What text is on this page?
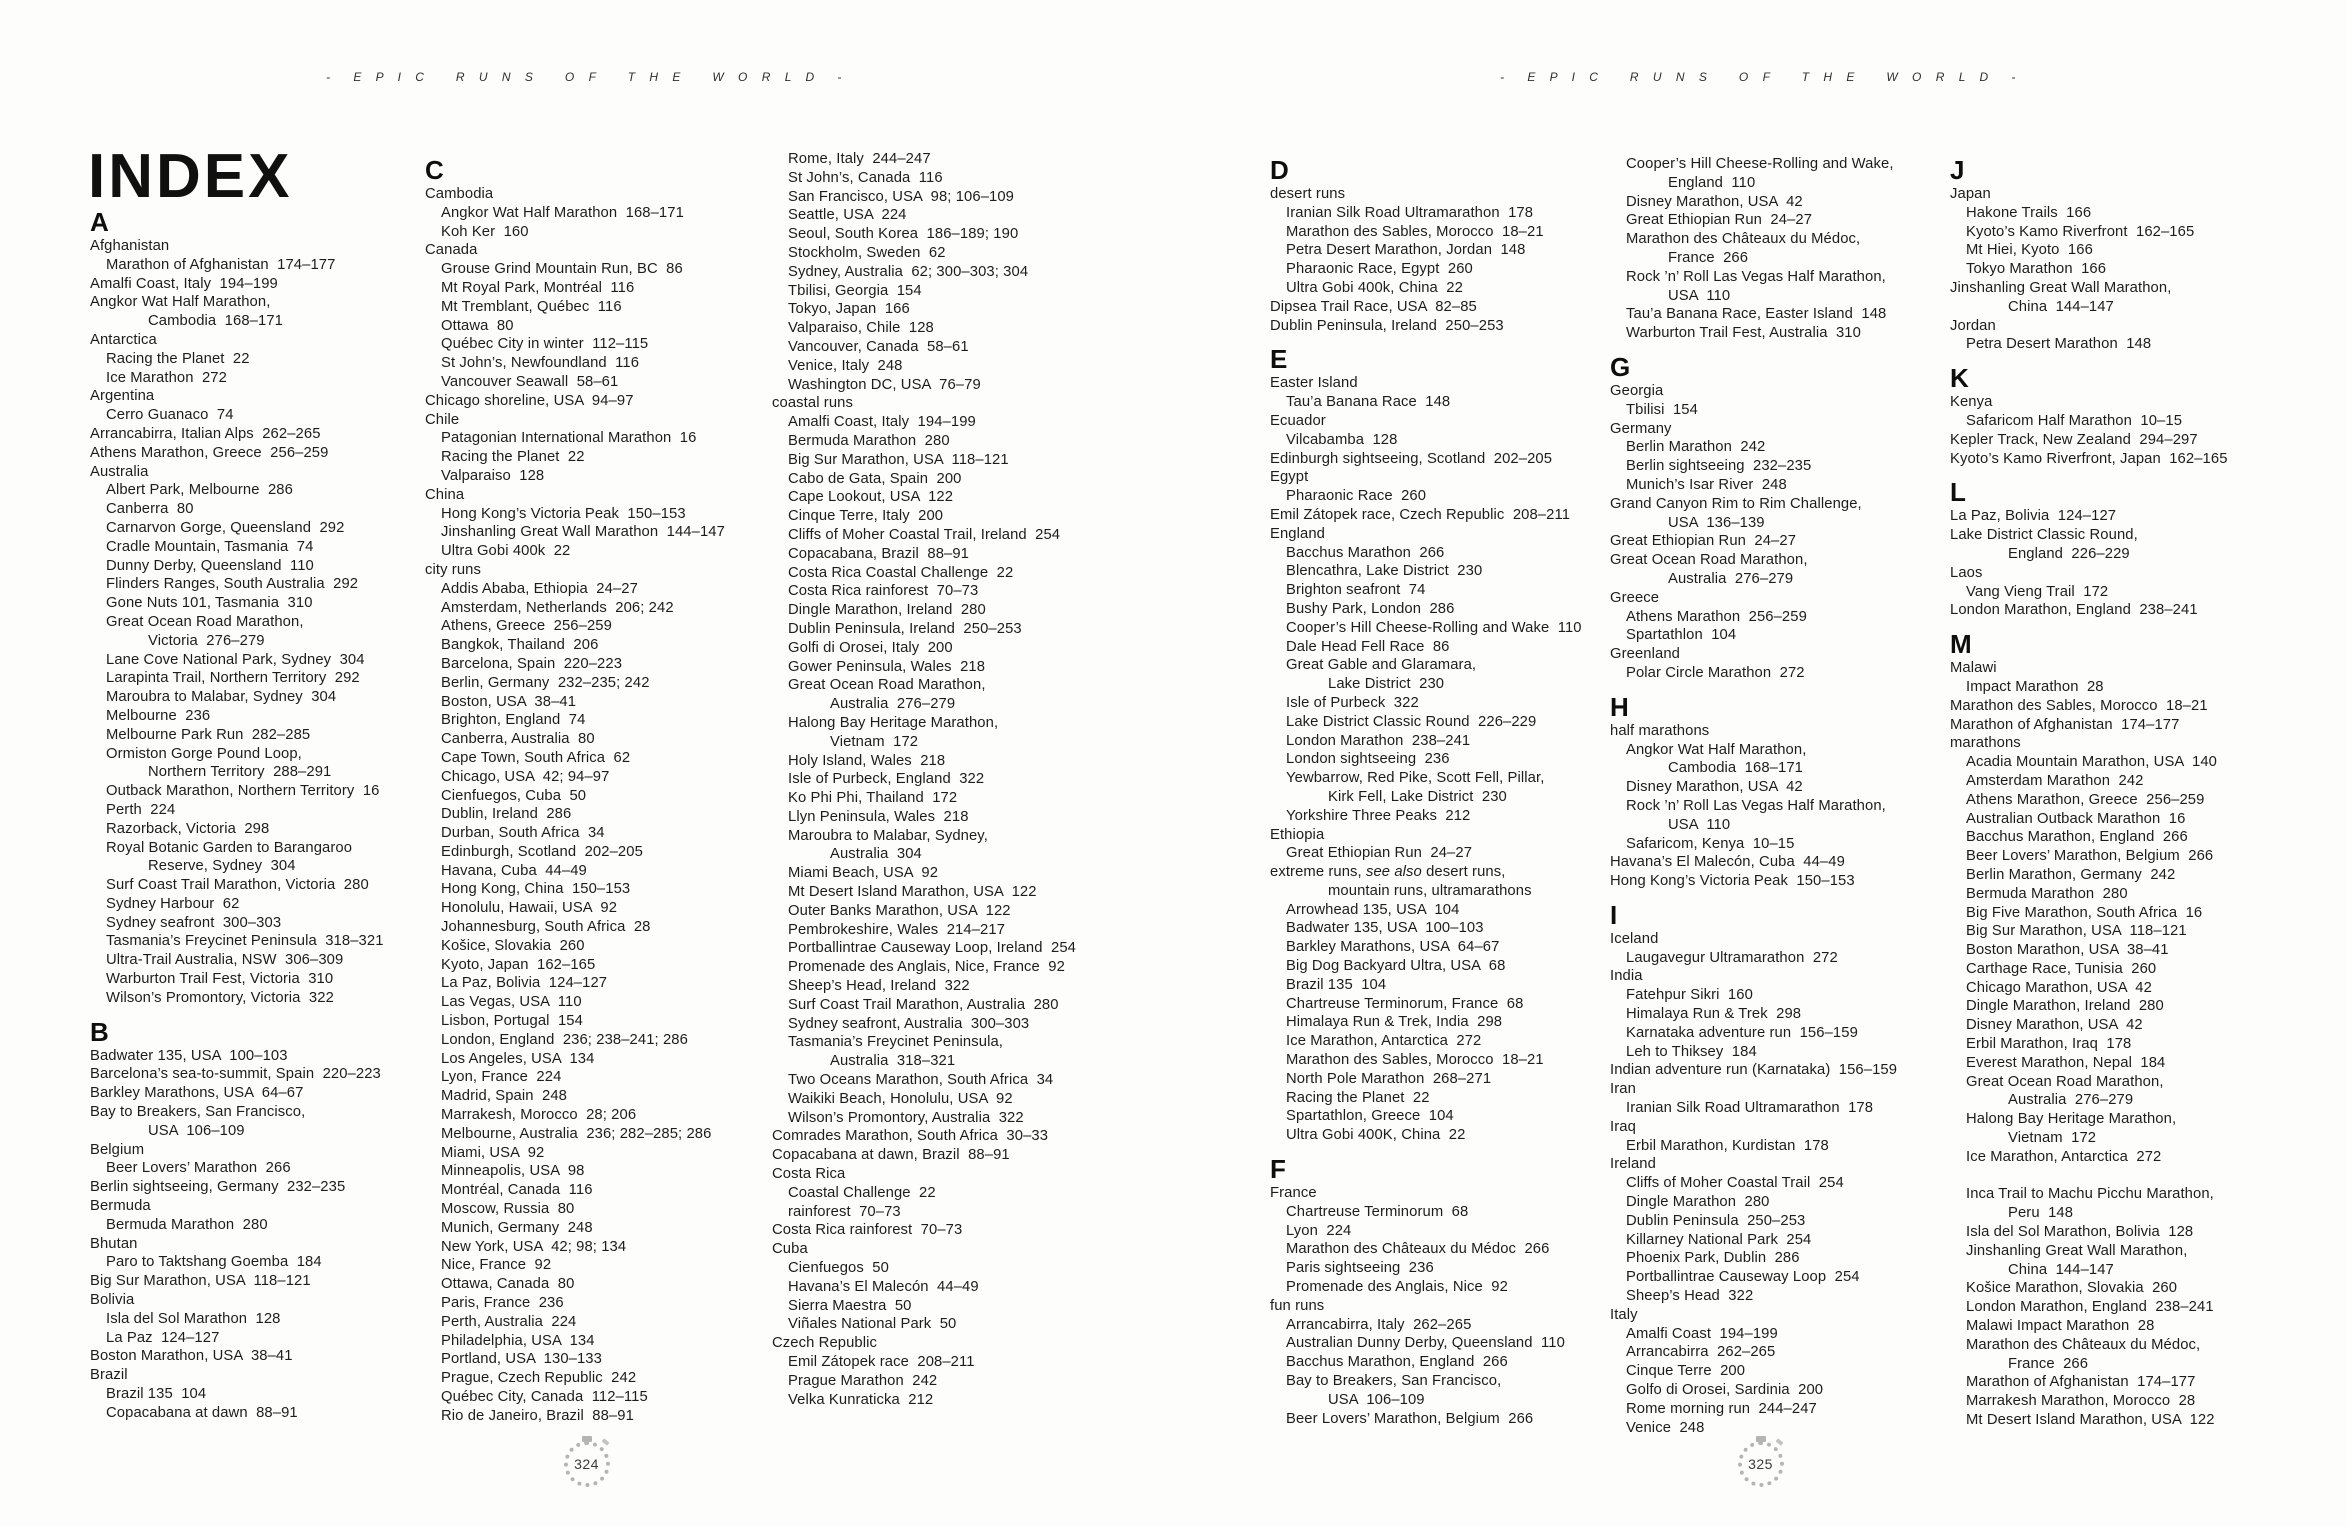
-  E P I C   R U N S   O F   T H E   W O R L D  -
INDEX
A
Afghanistan
Marathon of Afghanistan  174–177
Amalfi Coast, Italy  194–199
Angkor Wat Half Marathon,
Cambodia  168–171
Antarctica
Racing the Planet  22
Ice Marathon  272
Argentina
Cerro Guanaco  74
Arrancabirra, Italian Alps  262–265
Athens Marathon, Greece  256–259
Australia
Albert Park, Melbourne  286
Canberra  80
Carnarvon Gorge, Queensland  292
Cradle Mountain, Tasmania  74
Dunny Derby, Queensland  110
Flinders Ranges, South Australia  292
Gone Nuts 101, Tasmania  310
Great Ocean Road Marathon,
Victoria  276–279
Lane Cove National Park, Sydney  304
Larapinta Trail, Northern Territory  292
Maroubra to Malabar, Sydney  304
Melbourne  236
Melbourne Park Run  282–285
Ormiston Gorge Pound Loop,
Northern Territory  288–291
Outback Marathon, Northern Territory  16
Perth  224
Razorback, Victoria  298
Royal Botanic Garden to Barangaroo
Reserve, Sydney  304
Surf Coast Trail Marathon, Victoria  280
Sydney Harbour  62
Sydney seafront  300–303
Tasmania’s Freycinet Peninsula  318–321
Ultra-Trail Australia, NSW  306–309
Warburton Trail Fest, Victoria  310
Wilson’s Promontory, Victoria  322
B
Badwater 135, USA  100–103
Barcelona’s sea-to-summit, Spain  220–223
Barkley Marathons, USA  64–67
Bay to Breakers, San Francisco,
USA  106–109
Belgium
Beer Lovers’ Marathon  266
Berlin sightseeing, Germany  232–235
Bermuda
Bermuda Marathon  280
Bhutan
Paro to Taktshang Goemba  184
Big Sur Marathon, USA  118–121
Bolivia
Isla del Sol Marathon  128
La Paz  124–127
Boston Marathon, USA  38–41
Brazil
Brazil 135  104
Copacabana at dawn  88–91
C
Cambodia
Angkor Wat Half Marathon  168–171
Koh Ker  160
Canada
Grouse Grind Mountain Run, BC  86
Mt Royal Park, Montréal  116
Mt Tremblant, Québec  116
Ottawa  80
Québec City in winter  112–115
St John’s, Newfoundland  116
Vancouver Seawall  58–61
Chicago shoreline, USA  94–97
Chile
Patagonian International Marathon  16
Racing the Planet  22
Valparaiso  128
China
Hong Kong’s Victoria Peak  150–153
Jinshanling Great Wall Marathon  144–147
Ultra Gobi 400k  22
city runs
Addis Ababa, Ethiopia  24–27
Amsterdam, Netherlands  206; 242
Athens, Greece  256–259
Bangkok, Thailand  206
Barcelona, Spain  220–223
Berlin, Germany  232–235; 242
Boston, USA  38–41
Brighton, England  74
Canberra, Australia  80
Cape Town, South Africa  62
Chicago, USA  42; 94–97
Cienfuegos, Cuba  50
Dublin, Ireland  286
Durban, South Africa  34
Edinburgh, Scotland  202–205
Havana, Cuba  44–49
Hong Kong, China  150–153
Honolulu, Hawaii, USA  92
Johannesburg, South Africa  28
Košice, Slovakia  260
Kyoto, Japan  162–165
La Paz, Bolivia  124–127
Las Vegas, USA  110
Lisbon, Portugal  154
London, England  236; 238–241; 286
Los Angeles, USA  134
Lyon, France  224
Madrid, Spain  248
Marrakesh, Morocco  28; 206
Melbourne, Australia  236; 282–285; 286
Miami, USA  92
Minneapolis, USA  98
Montréal, Canada  116
Moscow, Russia  80
Munich, Germany  248
New York, USA  42; 98; 134
Nice, France  92
Ottawa, Canada  80
Paris, France  236
Perth, Australia  224
Philadelphia, USA  134
Portland, USA  130–133
Prague, Czech Republic  242
Québec City, Canada  112–115
Rio de Janeiro, Brazil  88–91
Rome, Italy  244–247
St John’s, Canada  116
San Francisco, USA  98; 106–109
Seattle, USA  224
Seoul, South Korea  186–189; 190
Stockholm, Sweden  62
Sydney, Australia  62; 300–303; 304
Tbilisi, Georgia  154
Tokyo, Japan  166
Valparaiso, Chile  128
Vancouver, Canada  58–61
Venice, Italy  248
Washington DC, USA  76–79
coastal runs
Amalfi Coast, Italy  194–199
Bermuda Marathon  280
Big Sur Marathon, USA  118–121
Cabo de Gata, Spain  200
Cape Lookout, USA  122
Cinque Terre, Italy  200
Cliffs of Moher Coastal Trail, Ireland  254
Copacabana, Brazil  88–91
Costa Rica Coastal Challenge  22
Costa Rica rainforest  70–73
Dingle Marathon, Ireland  280
Dublin Peninsula, Ireland  250–253
Golfi di Orosei, Italy  200
Gower Peninsula, Wales  218
Great Ocean Road Marathon,
Australia  276–279
Halong Bay Heritage Marathon,
Vietnam  172
Holy Island, Wales  218
Isle of Purbeck, England  322
Ko Phi Phi, Thailand  172
Llyn Peninsula, Wales  218
Maroubra to Malabar, Sydney,
Australia  304
Miami Beach, USA  92
Mt Desert Island Marathon, USA  122
Outer Banks Marathon, USA  122
Pembrokeshire, Wales  214–217
Portballintrae Causeway Loop, Ireland  254
Promenade des Anglais, Nice, France  92
Sheep’s Head, Ireland  322
Surf Coast Trail Marathon, Australia  280
Sydney seafront, Australia  300–303
Tasmania’s Freycinet Peninsula,
Australia  318–321
Two Oceans Marathon, South Africa  34
Waikiki Beach, Honolulu, USA  92
Wilson’s Promontory, Australia  322
Comrades Marathon, South Africa  30–33
Copacabana at dawn, Brazil  88–91
Costa Rica
Coastal Challenge  22
rainforest  70–73
Costa Rica rainforest  70–73
Cuba
Cienfuegos  50
Havana’s El Malecón  44–49
Sierra Maestra  50
Viñales National Park  50
Czech Republic
Emil Zátopek race  208–211
Prague Marathon  242
Velka Kunraticka  212
324
-  E P I C   R U N S   O F   T H E   W O R L D  -
D
desert runs
Iranian Silk Road Ultramarathon  178
Marathon des Sables, Morocco  18–21
Petra Desert Marathon, Jordan  148
Pharaonic Race, Egypt  260
Ultra Gobi 400k, China  22
Dipsea Trail Race, USA  82–85
Dublin Peninsula, Ireland  250–253
E
Easter Island
Tau’a Banana Race  148
Ecuador
Vilcabamba  128
Edinburgh sightseeing, Scotland  202–205
Egypt
Pharaonic Race  260
Emil Zátopek race, Czech Republic  208–211
England
Bacchus Marathon  266
Blencathra, Lake District  230
Brighton seafront  74
Bushy Park, London  286
Cooper’s Hill Cheese-Rolling and Wake  110
Dale Head Fell Race  86
Great Gable and Glaramara,
Lake District  230
Isle of Purbeck  322
Lake District Classic Round  226–229
London Marathon  238–241
London sightseeing  236
Yewbarrow, Red Pike, Scott Fell, Pillar,
Kirk Fell, Lake District  230
Yorkshire Three Peaks  212
Ethiopia
Great Ethiopian Run  24–27
extreme runs, see also desert runs,
mountain runs, ultramarathons
Arrowhead 135, USA  104
Badwater 135, USA  100–103
Barkley Marathons, USA  64–67
Big Dog Backyard Ultra, USA  68
Brazil 135  104
Chartreuse Terminorum, France  68
Himalaya Run & Trek, India  298
Ice Marathon, Antarctica  272
Marathon des Sables, Morocco  18–21
North Pole Marathon  268–271
Racing the Planet  22
Spartathlon, Greece  104
Ultra Gobi 400K, China  22
F
France
Chartreuse Terminorum  68
Lyon  224
Marathon des Châteaux du Médoc  266
Paris sightseeing  236
Promenade des Anglais, Nice  92
fun runs
Arrancabirra, Italy  262–265
Australian Dunny Derby, Queensland  110
Bacchus Marathon, England  266
Bay to Breakers, San Francisco,
USA  106–109
Beer Lovers’ Marathon, Belgium  266
Cooper’s Hill Cheese-Rolling and Wake,
England  110
Disney Marathon, USA  42
Great Ethiopian Run  24–27
Marathon des Châteaux du Médoc,
France  266
Rock ’n’ Roll Las Vegas Half Marathon,
USA  110
Tau’a Banana Race, Easter Island  148
Warburton Trail Fest, Australia  310
G
Georgia
Tbilisi  154
Germany
Berlin Marathon  242
Berlin sightseeing  232–235
Munich’s Isar River  248
Grand Canyon Rim to Rim Challenge,
USA  136–139
Great Ethiopian Run  24–27
Great Ocean Road Marathon,
Australia  276–279
Greece
Athens Marathon  256–259
Spartathlon  104
Greenland
Polar Circle Marathon  272
H
half marathons
Angkor Wat Half Marathon,
Cambodia  168–171
Disney Marathon, USA  42
Rock ’n’ Roll Las Vegas Half Marathon,
USA  110
Safaricom, Kenya  10–15
Havana’s El Malecón, Cuba  44–49
Hong Kong’s Victoria Peak  150–153
I
Iceland
Laugavegur Ultramarathon  272
India
Fatehpur Sikri  160
Himalaya Run & Trek  298
Karnataka adventure run  156–159
Leh to Thiksey  184
Indian adventure run (Karnataka)  156–159
Iran
Iranian Silk Road Ultramarathon  178
Iraq
Erbil Marathon, Kurdistan  178
Ireland
Cliffs of Moher Coastal Trail  254
Dingle Marathon  280
Dublin Peninsula  250–253
Killarney National Park  254
Phoenix Park, Dublin  286
Portballintrae Causeway Loop  254
Sheep’s Head  322
Italy
Amalfi Coast  194–199
Arrancabirra  262–265
Cinque Terre  200
Golfo di Orosei, Sardinia  200
Rome morning run  244–247
Venice  248
J
Japan
Hakone Trails  166
Kyoto’s Kamo Riverfront  162–165
Mt Hiei, Kyoto  166
Tokyo Marathon  166
Jinshanling Great Wall Marathon,
China  144–147
Jordan
Petra Desert Marathon  148
K
Kenya
Safaricom Half Marathon  10–15
Kepler Track, New Zealand  294–297
Kyoto’s Kamo Riverfront, Japan  162–165
L
La Paz, Bolivia  124–127
Lake District Classic Round,
England  226–229
Laos
Vang Vieng Trail  172
London Marathon, England  238–241
M
Malawi
Impact Marathon  28
Marathon des Sables, Morocco  18–21
Marathon of Afghanistan  174–177
marathons
Acadia Mountain Marathon, USA  140
Amsterdam Marathon  242
Athens Marathon, Greece  256–259
Australian Outback Marathon  16
Bacchus Marathon, England  266
Beer Lovers’ Marathon, Belgium  266
Berlin Marathon, Germany  242
Bermuda Marathon  280
Big Five Marathon, South Africa  16
Big Sur Marathon, USA  118–121
Boston Marathon, USA  38–41
Carthage Race, Tunisia  260
Chicago Marathon, USA  42
Dingle Marathon, Ireland  280
Disney Marathon, USA  42
Erbil Marathon, Iraq  178
Everest Marathon, Nepal  184
Great Ocean Road Marathon,
Australia  276–279
Halong Bay Heritage Marathon,
Vietnam  172
Ice Marathon, Antarctica  272
Inca Trail to Machu Picchu Marathon,
Peru  148
Isla del Sol Marathon, Bolivia  128
Jinshanling Great Wall Marathon,
China  144–147
Košice Marathon, Slovakia  260
London Marathon, England  238–241
Malawi Impact Marathon  28
Marathon des Châteaux du Médoc,
France  266
Marathon of Afghanistan  174–177
Marrakesh Marathon, Morocco  28
Mt Desert Island Marathon, USA  122
325
